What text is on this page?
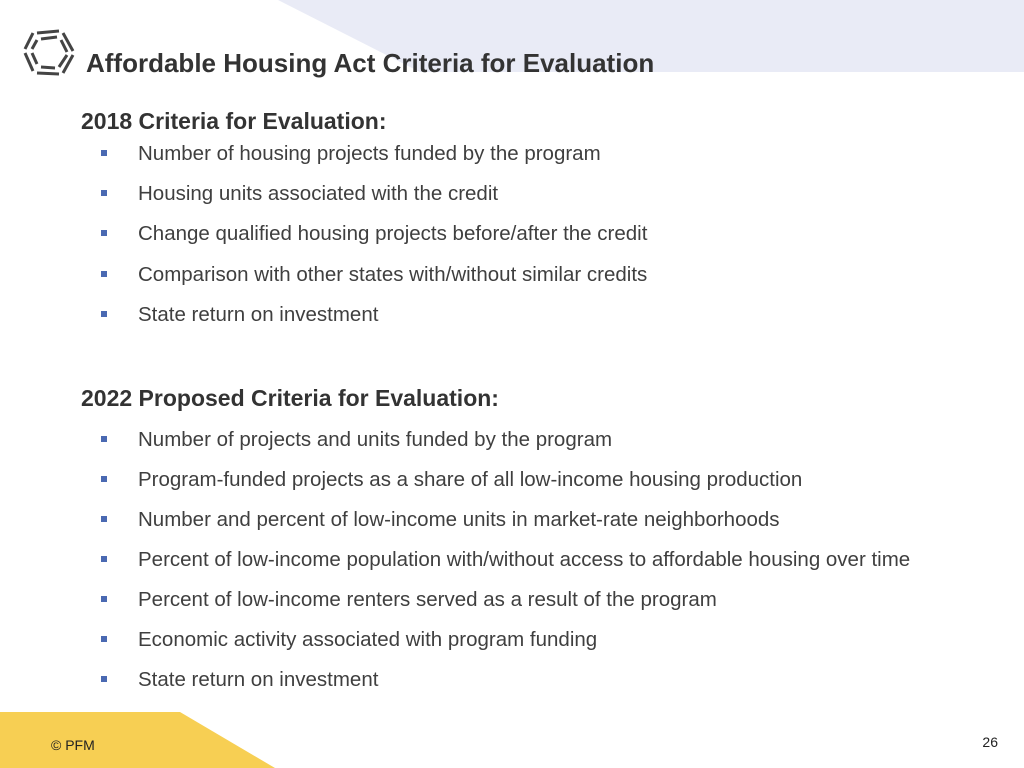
Affordable Housing Act Criteria for Evaluation
2018 Criteria for Evaluation:
Number of housing projects funded by the program
Housing units associated with the credit
Change qualified housing projects before/after the credit
Comparison with other states with/without similar credits
State return on investment
2022 Proposed Criteria for Evaluation:
Number of projects and units funded by the program
Program-funded projects as a share of all low-income housing production
Number and percent of low-income units in market-rate neighborhoods
Percent of low-income population with/without access to affordable housing over time
Percent of low-income renters served as a result of the program
Economic activity associated with program funding
State return on investment
© PFM	26
